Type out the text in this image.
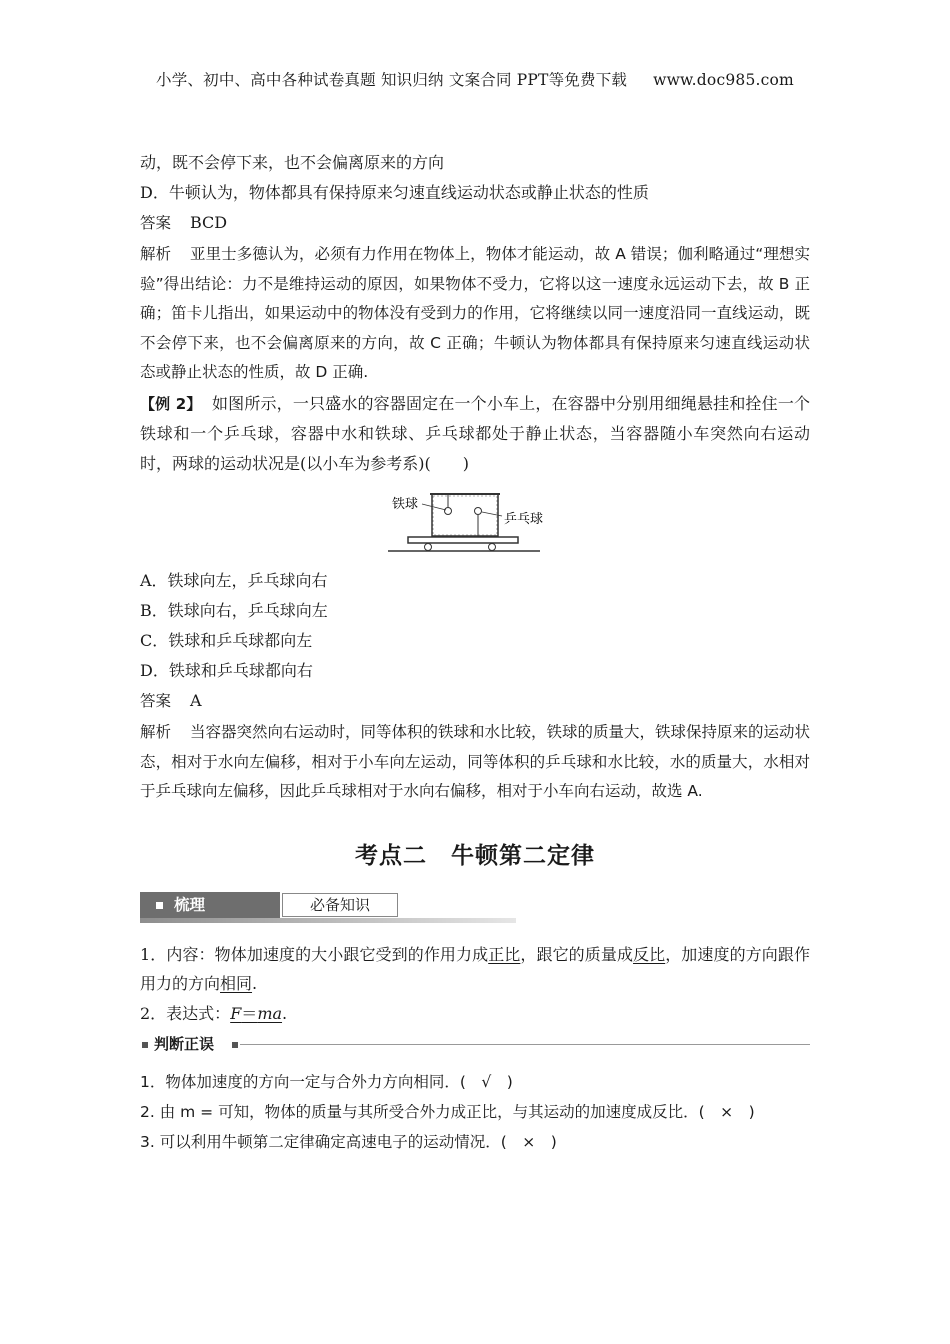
小学、初中、高中各种试卷真题 知识归纳 文案合同 PPT等免费下载 www.doc985.com
动，既不会停下来，也不会偏离原来的方向
D．牛顿认为，物体都具有保持原来匀速直线运动状态或静止状态的性质
答案 BCD
解析 亚里士多德认为，必须有力作用在物体上，物体才能运动，故 A 错误；伽利略通过“理想实验”得出结论：力不是维持运动的原因，如果物体不受力，它将以这一速度永远运动下去，故 B 正确；笛卡儿指出，如果运动中的物体没有受到力的作用，它将继续以同一速度沿同一直线运动，既不会停下来，也不会偏离原来的方向，故 C 正确；牛顿认为物体都具有保持原来匀速直线运动状态或静止状态的性质，故 D 正确.
【例 2】 如图所示，一只盛水的容器固定在一个小车上，在容器中分别用细绳悬挂和拴住一个铁球和一个乒乓球，容器中水和铁球、乒乓球都处于静止状态，当容器随小车突然向右运动时，两球的运动状况是(以小车为参考系)(　　)
铁球
乒乓球
A．铁球向左，乒乓球向右
B．铁球向右，乒乓球向左
C．铁球和乒乓球都向左
D．铁球和乒乓球都向右
答案 A
解析 当容器突然向右运动时，同等体积的铁球和水比较，铁球的质量大，铁球保持原来的运动状态，相对于水向左偏移，相对于小车向左运动，同等体积的乒乓球和水比较，水的质量大，水相对于乒乓球向左偏移，因此乒乓球相对于水向右偏移，相对于小车向右运动，故选 A.
考点二　牛顿第二定律
梳理	必备知识
1．内容：物体加速度的大小跟它受到的作用力成正比，跟它的质量成反比，加速度的方向跟作用力的方向相同.
2．表达式：F＝ma.
判断正误
1．物体加速度的方向一定与合外力方向相同．(　√　)
2. 由 m = 可知，物体的质量与其所受合外力成正比，与其运动的加速度成反比．(　×　)
3. 可以利用牛顿第二定律确定高速电子的运动情况．(　×　)
